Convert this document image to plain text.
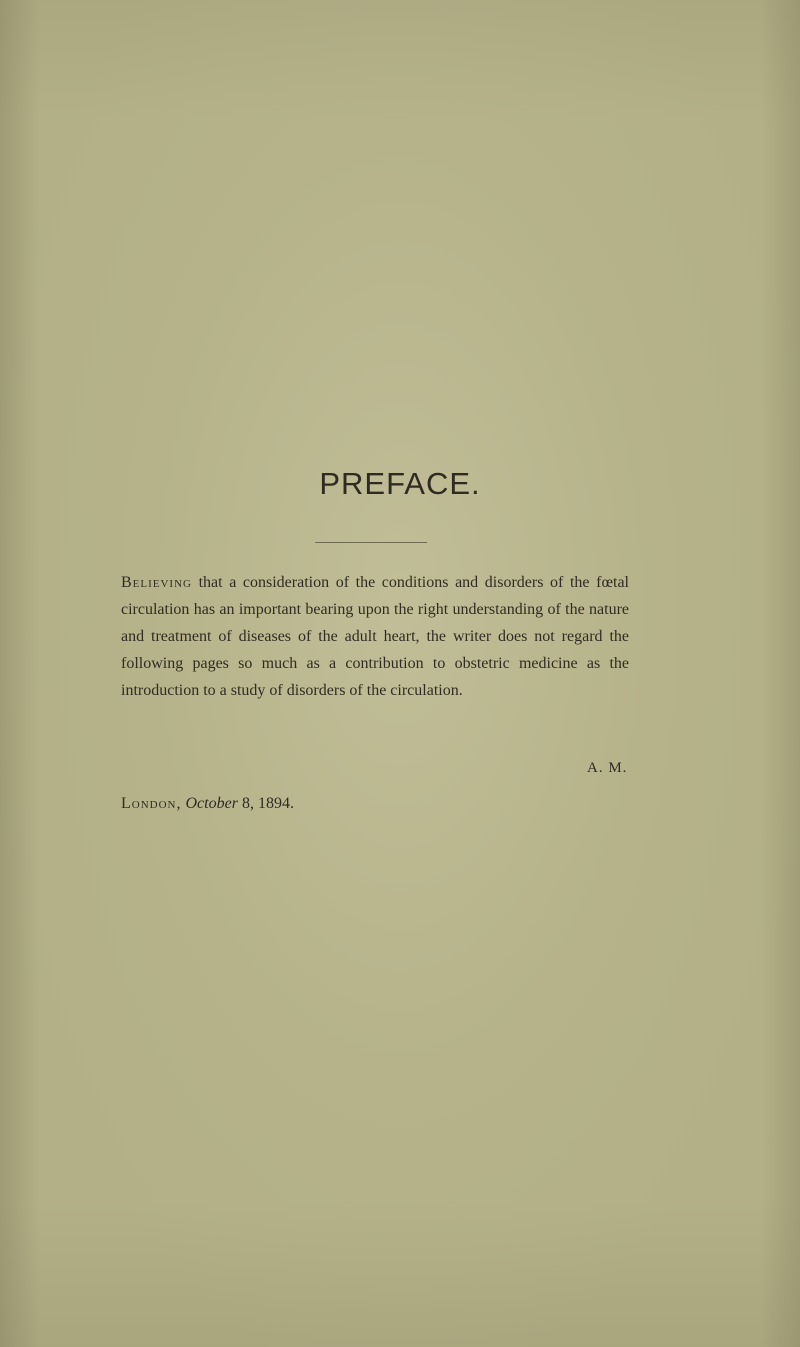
PREFACE.

Believing that a consideration of the conditions and disorders of the fœtal circulation has an important bearing upon the right understanding of the nature and treatment of diseases of the adult heart, the writer does not regard the following pages so much as a contribution to obstetric medicine as the introduction to a study of disorders of the circulation.

A. M.

London, October 8, 1894.
